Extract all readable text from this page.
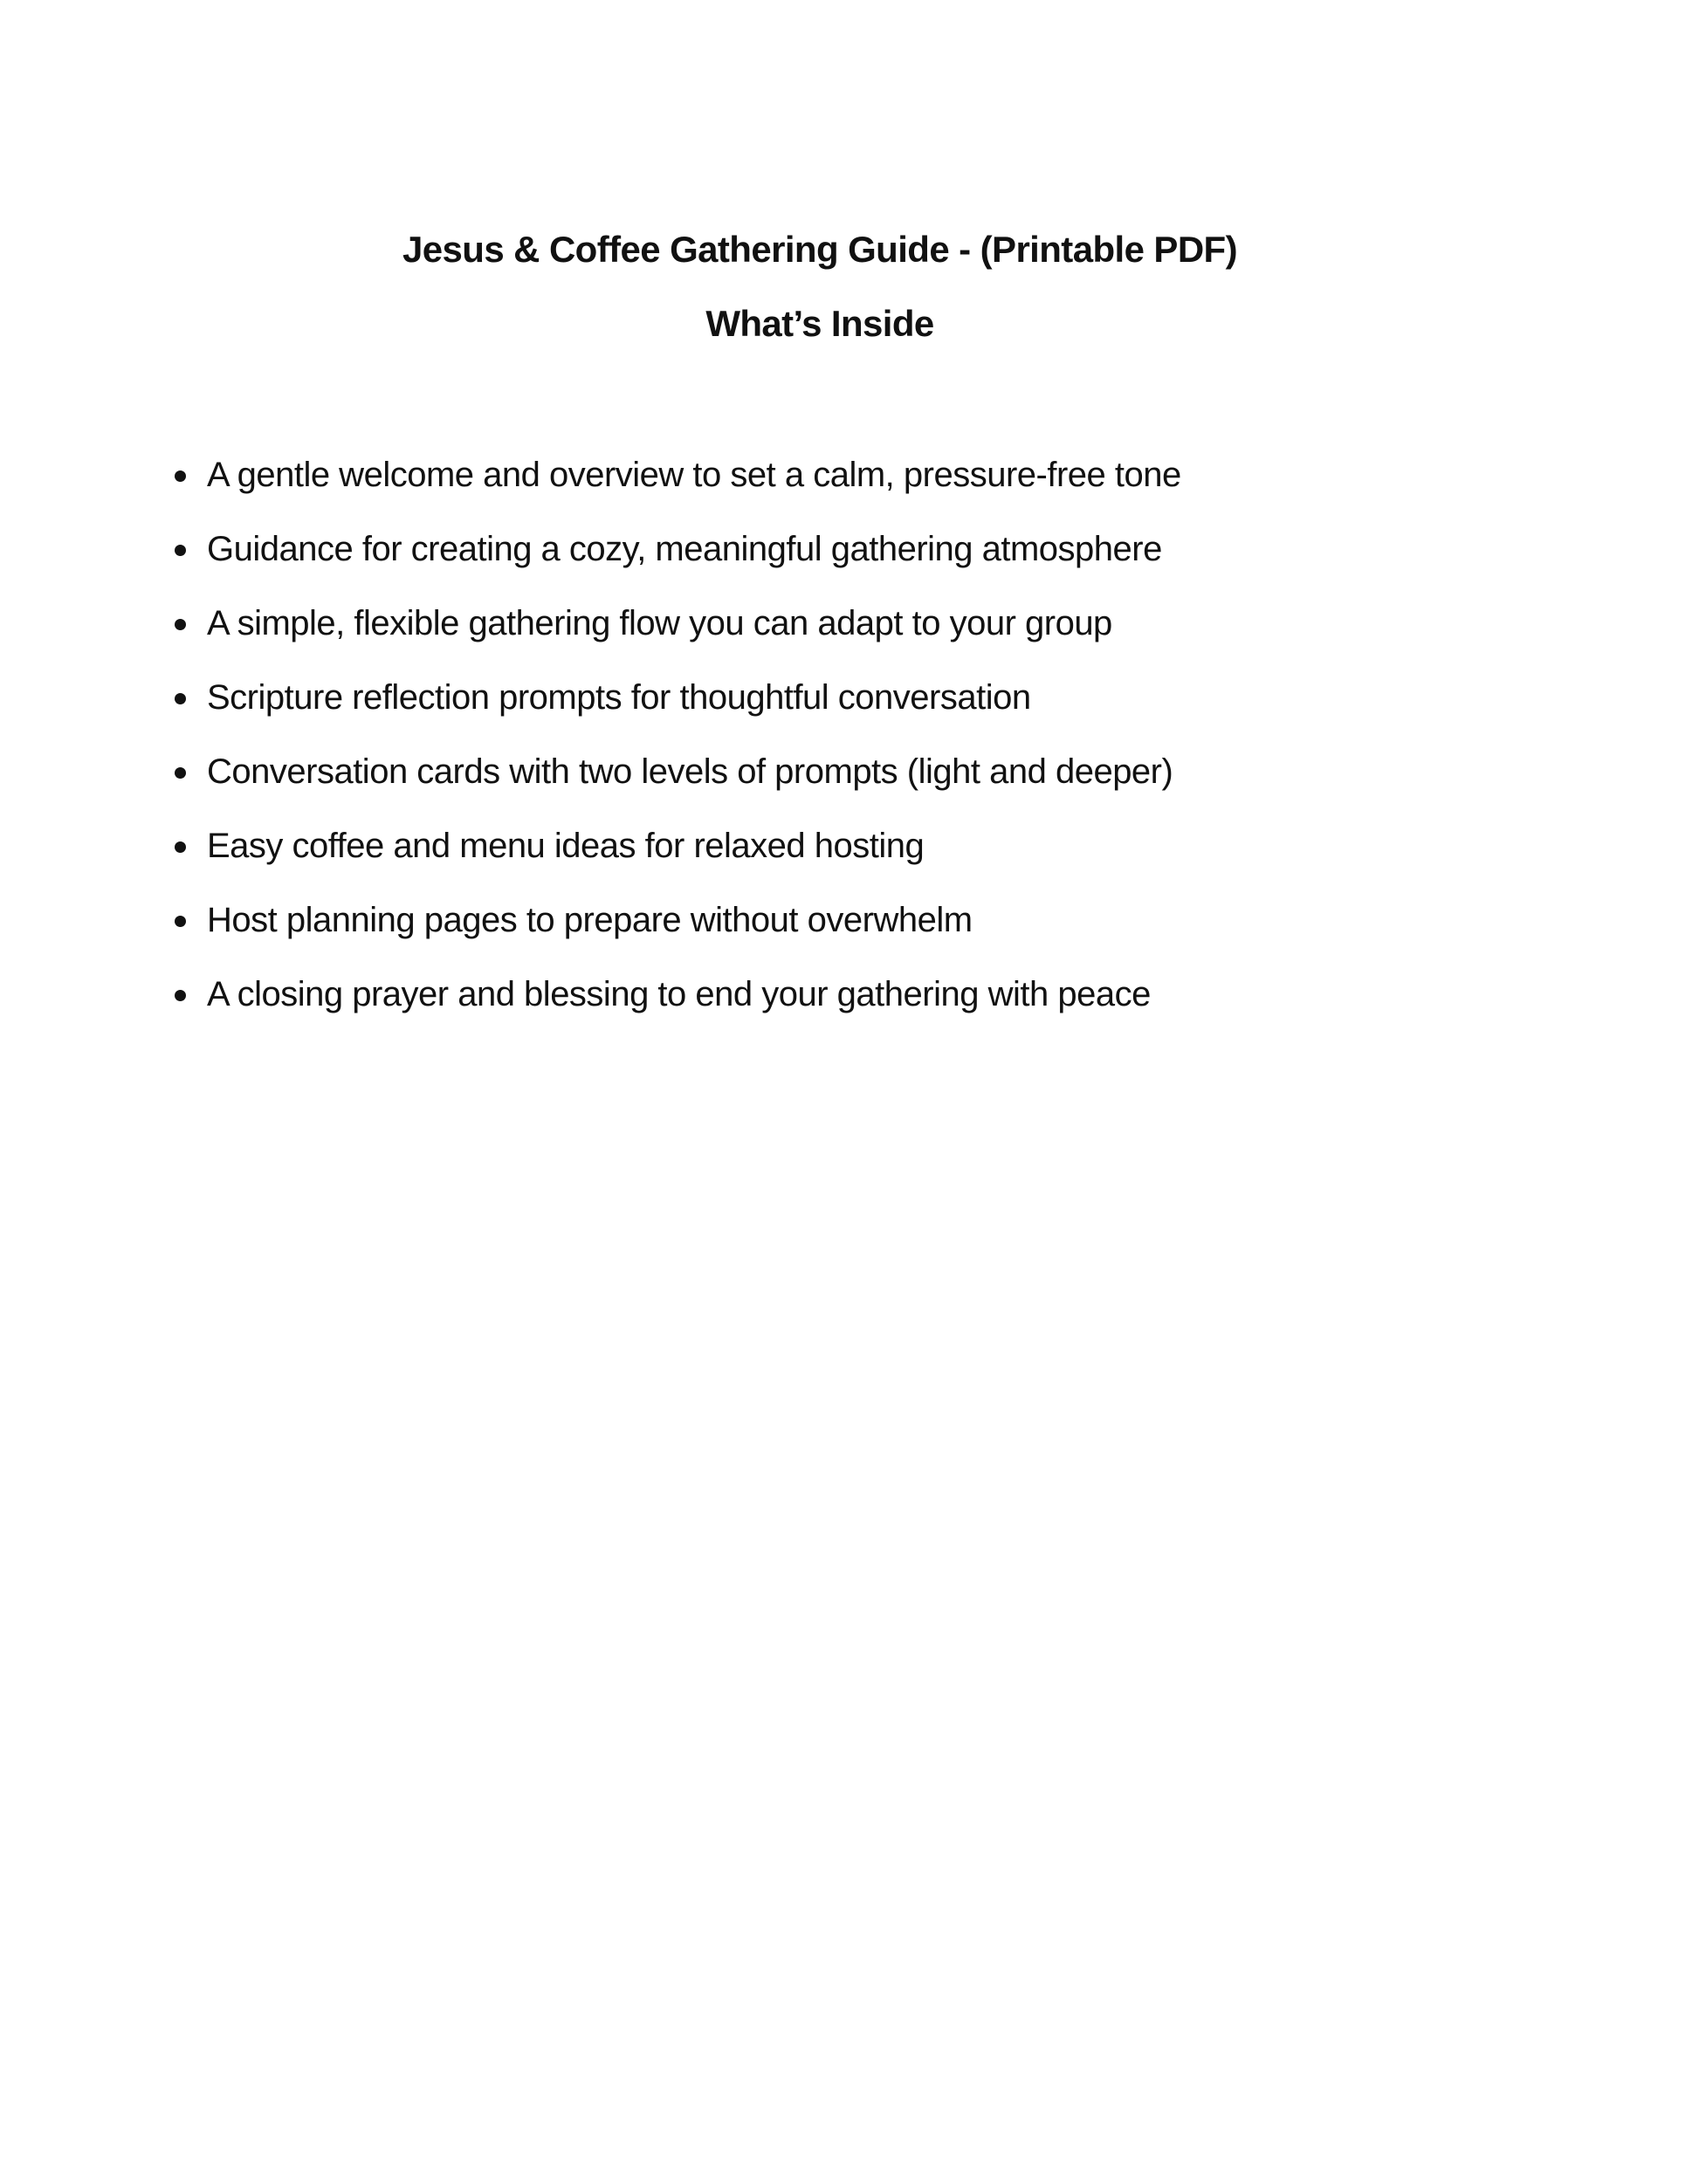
Jesus & Coffee Gathering Guide - (Printable PDF)
What’s Inside
A gentle welcome and overview to set a calm, pressure-free tone
Guidance for creating a cozy, meaningful gathering atmosphere
A simple, flexible gathering flow you can adapt to your group
Scripture reflection prompts for thoughtful conversation
Conversation cards with two levels of prompts (light and deeper)
Easy coffee and menu ideas for relaxed hosting
Host planning pages to prepare without overwhelm
A closing prayer and blessing to end your gathering with peace
